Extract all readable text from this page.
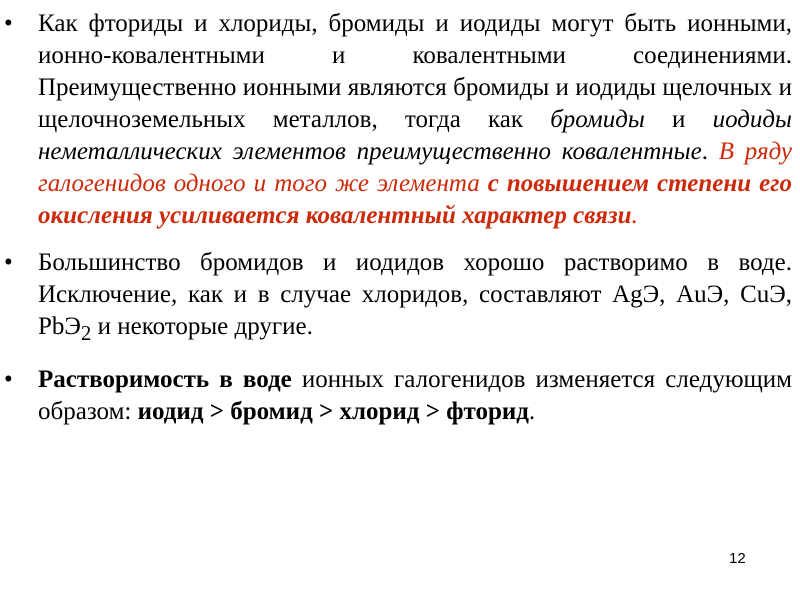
•	Как фториды и хлориды, бромиды и иодиды могут быть ионными, ионно-ковалентными и ковалентными соединениями. Преимущественно ионными являются бромиды и иодиды щелочных и щелочноземельных металлов, тогда как бромиды и иодиды неметаллических элементов преимущественно ковалентные. В ряду галогенидов одного и того же элемента с повышением степени его окисления усиливается ковалентный характер связи.
•	Большинство бромидов и иодидов хорошо растворимо в воде. Исключение, как и в случае хлоридов, составляют AgЭ, AuЭ, CuЭ, PbЭ$_2$ и некоторые другие.
•	Растворимость в воде ионных галогенидов изменяется следующим образом: иодид > бромид > хлорид > фторид.
12
